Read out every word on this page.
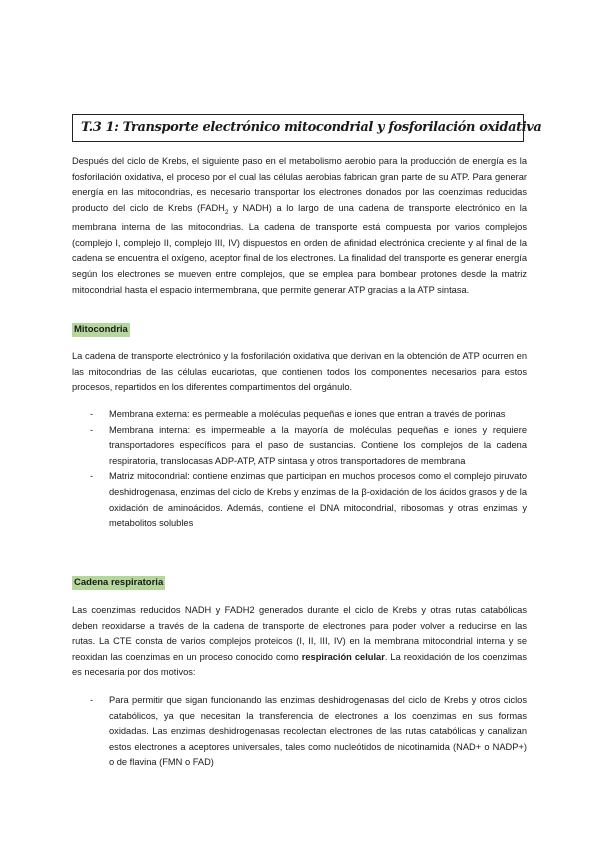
T.3 1: Transporte electrónico mitocondrial y fosforilación oxidativa

Después del ciclo de Krebs, el siguiente paso en el metabolismo aerobio para la producción de energía es la fosforilación oxidativa, el proceso por el cual las células aerobias fabrican gran parte de su ATP. Para generar energía en las mitocondrias, es necesario transportar los electrones donados por las coenzimas reducidas producto del ciclo de Krebs ($FADH_2$ y NADH) a lo largo de una cadena de transporte electrónico en la membrana interna de las mitocondrias. La cadena de transporte está compuesta por varios complejos (complejo I, complejo II, complejo III, IV) dispuestos en orden de afinidad electrónica creciente y al final de la cadena se encuentra el oxígeno, aceptor final de los electrones. La finalidad del transporte es generar energía según los electrones se mueven entre complejos, que se emplea para bombear protones desde la matriz mitocondrial hasta el espacio intermembrana, que permite generar ATP gracias a la ATP sintasa.

Mitocondria

La cadena de transporte electrónico y la fosforilación oxidativa que derivan en la obtención de ATP ocurren en las mitocondrias de las células eucariotas, que contienen todos los componentes necesarios para estos procesos, repartidos en los diferentes compartimentos del orgánulo.

- Membrana externa: es permeable a moléculas pequeñas e iones que entran a través de porinas
- Membrana interna: es impermeable a la mayoría de moléculas pequeñas e iones y requiere transportadores específicos para el paso de sustancias. Contiene los complejos de la cadena respiratoria, translocasas ADP-ATP, ATP sintasa y otros transportadores de membrana
- Matriz mitocondrial: contiene enzimas que participan en muchos procesos como el complejo piruvato deshidrogenasa, enzimas del ciclo de Krebs y enzimas de la β-oxidación de los ácidos grasos y de la oxidación de aminoácidos. Además, contiene el DNA mitocondrial, ribosomas y otras enzimas y metabolitos solubles
Cadena respiratoria

Las coenzimas reducidos NADH y FADH2 generados durante el ciclo de Krebs y otras rutas catabólicas deben reoxidarse a través de la cadena de transporte de electrones para poder volver a reducirse en las rutas. La CTE consta de varios complejos proteicos (I, II, III, IV) en la membrana mitocondrial interna y se reoxidan las coenzimas en un proceso conocido como respiración celular. La reoxidación de los coenzimas es necesaria por dos motivos:

- Para permitir que sigan funcionando las enzimas deshidrogenasas del ciclo de Krebs y otros ciclos catabólicos, ya que necesitan la transferencia de electrones a los coenzimas en sus formas oxidadas. Las enzimas deshidrogenasas recolectan electrones de las rutas catabólicas y canalizan estos electrones a aceptores universales, tales como nucleótidos de nicotinamida (NAD+ o NADP+) o de flavina (FMN o FAD)
